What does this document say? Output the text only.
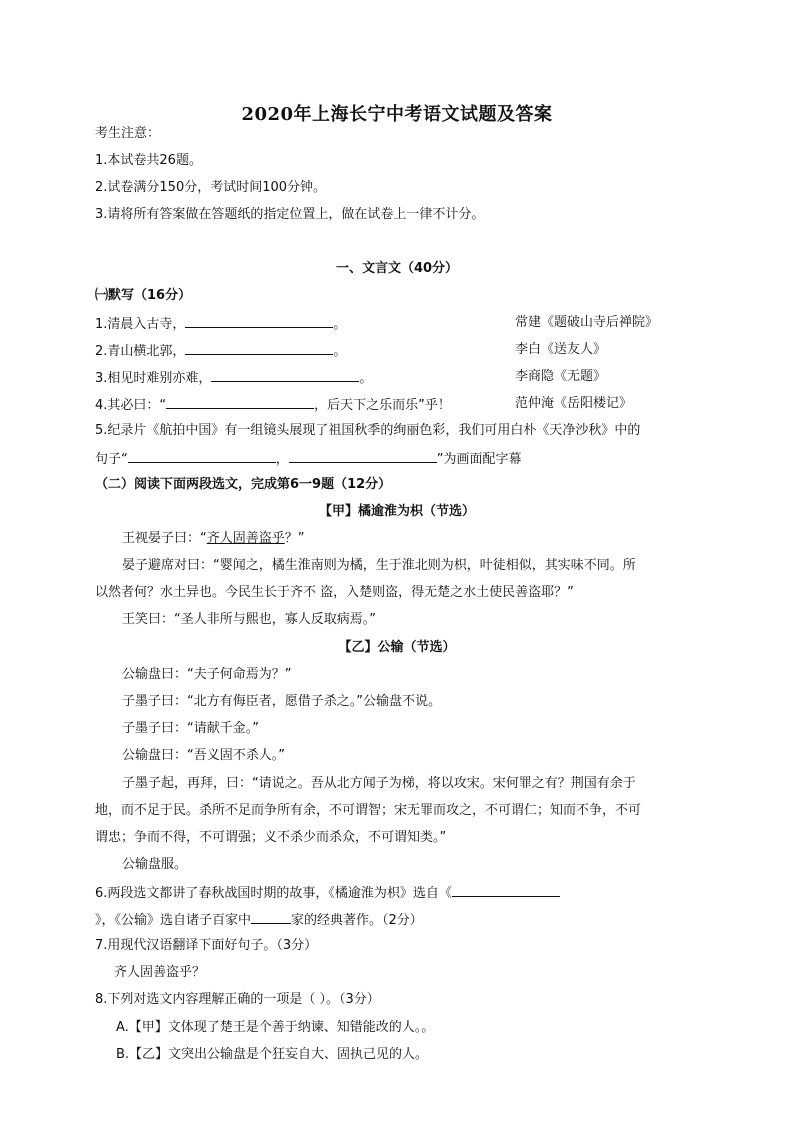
2020年上海长宁中考语文试题及答案
考生注意：
1.本试卷共26题。
2.试卷满分150分，考试时间100分钟。
3.请将所有答案做在答题纸的指定位置上，做在试卷上一律不计分。
一、文言文（40分）
㈠默写（16分）
1.清晨入古寺，	。	常建《题破山寺后禅院》
2.青山横北郭，	。	李白《送友人》
3.相见时难别亦难，	。	李商隐《无题》
4.其必曰：“	，后天下之乐而乐”乎！	范仲淹《岳阳楼记》
5.纪录片《航拍中国》有一组镜头展现了祖国秋季的绚丽色彩，我们可用白朴《天净沙秋》中的
句子“	，	”为画面配字幕
（二）阅读下面两段选文，完成第6一9题（12分）
【甲】橘逾淮为枳（节选）
王视晏子曰：“齐人固善盗乎？”
晏子避席对曰：“婴闻之，橘生淮南则为橘，生于淮北则为枳，叶徒相似，其实味不同。所
以然者何？水土异也。今民生长于齐不 盗，入楚则盗，得无楚之水土使民善盗耶？”
王笑曰：“圣人非所与熙也，寡人反取病焉。”
【乙】公输（节选）
公输盘曰：“夫子何命焉为？”
子墨子曰：“北方有侮臣者，愿借子杀之。”公输盘不说。
子墨子曰：“请献千金。”
公输盘曰：“吾义固不杀人。”
子墨子起，再拜，曰：“请说之。吾从北方闻子为梯，将以攻宋。宋何罪之有？荆国有余于
地，而不足于民。杀所不足而争所有余，不可谓智；宋无罪而攻之，不可谓仁；知而不争，不可
谓忠；争而不得，不可谓强；义不杀少而杀众，不可谓知类。”
公输盘服。
6.两段选文都讲了春秋战国时期的故事，《橘逾淮为枳》选自《
》，《公输》选自诸子百家中	家的经典著作。（2分）
7.用现代汉语翻译下面好句子。（3分）
齐人固善盗乎？
8.下列对选文内容理解正确的一项是（ ）。（3分）
A.【甲】文体现了楚王是个善于纳谏、知错能改的人。。
B.【乙】文突出公输盘是个狂妄自大、固执己见的人。
